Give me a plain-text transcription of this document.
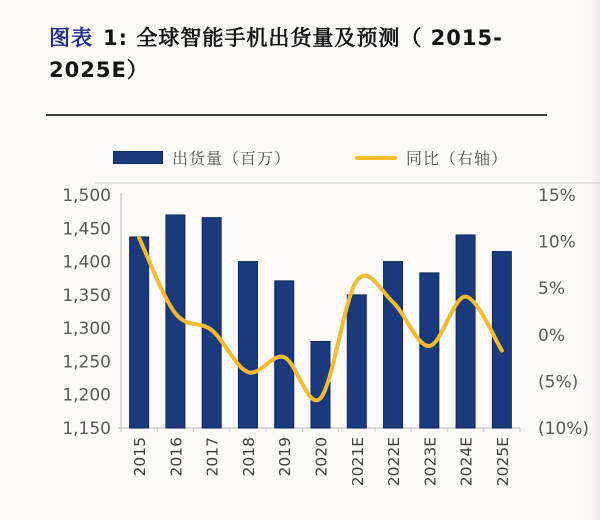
图表 1: 全球智能手机出货量及预测（ 2015-
2025E）
出货量（百万）	同比（右轴）
1,500
1,450
1,400
1,350
1,300
1,250
1,200
1,150
15%
10%
5%
0%
(5%)
(10%)
2015 2016 2017 2018 2019 2020 2021E 2022E 2023E 2024E 2025E
